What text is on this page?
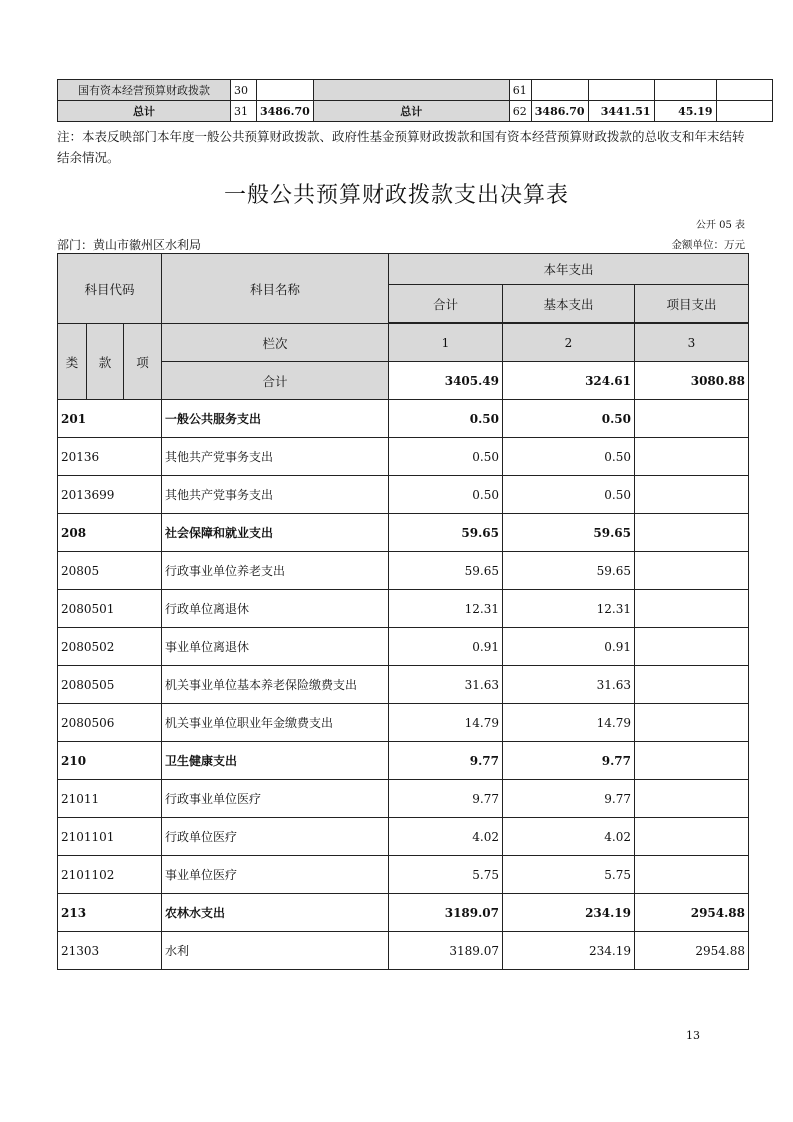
国有资本经营预算财政拨款	30			61				
总计	31	3486.70	总计	62	3486.70	3441.51	45.19	
注：本表反映部门本年度一般公共预算财政拨款、政府性基金预算财政拨款和国有资本经营预算财政拨款的总收支和年末结转结余情况。
一般公共预算财政拨款支出决算表
公开 05 表
部门：黄山市徽州区水利局	金额单位：万元
科目代码			科目名称	本年支出		
				合计	基本支出	项目支出

类	款	项	栏次	1	2	3
			合计	3405.49	324.61	3080.88
201			一般公共服务支出	0.50	0.50	
20136			其他共产党事务支出	0.50	0.50	
2013699			其他共产党事务支出	0.50	0.50	
208			社会保障和就业支出	59.65	59.65	
20805			行政事业单位养老支出	59.65	59.65	
2080501			行政单位离退休	12.31	12.31	
2080502			事业单位离退休	0.91	0.91	
2080505			机关事业单位基本养老保险缴费支出	31.63	31.63	
2080506			机关事业单位职业年金缴费支出	14.79	14.79	
210			卫生健康支出	9.77	9.77	
21011			行政事业单位医疗	9.77	9.77	
2101101			行政单位医疗	4.02	4.02	
2101102			事业单位医疗	5.75	5.75	
213			农林水支出	3189.07	234.19	2954.88
21303			水利	3189.07	234.19	2954.88
13
